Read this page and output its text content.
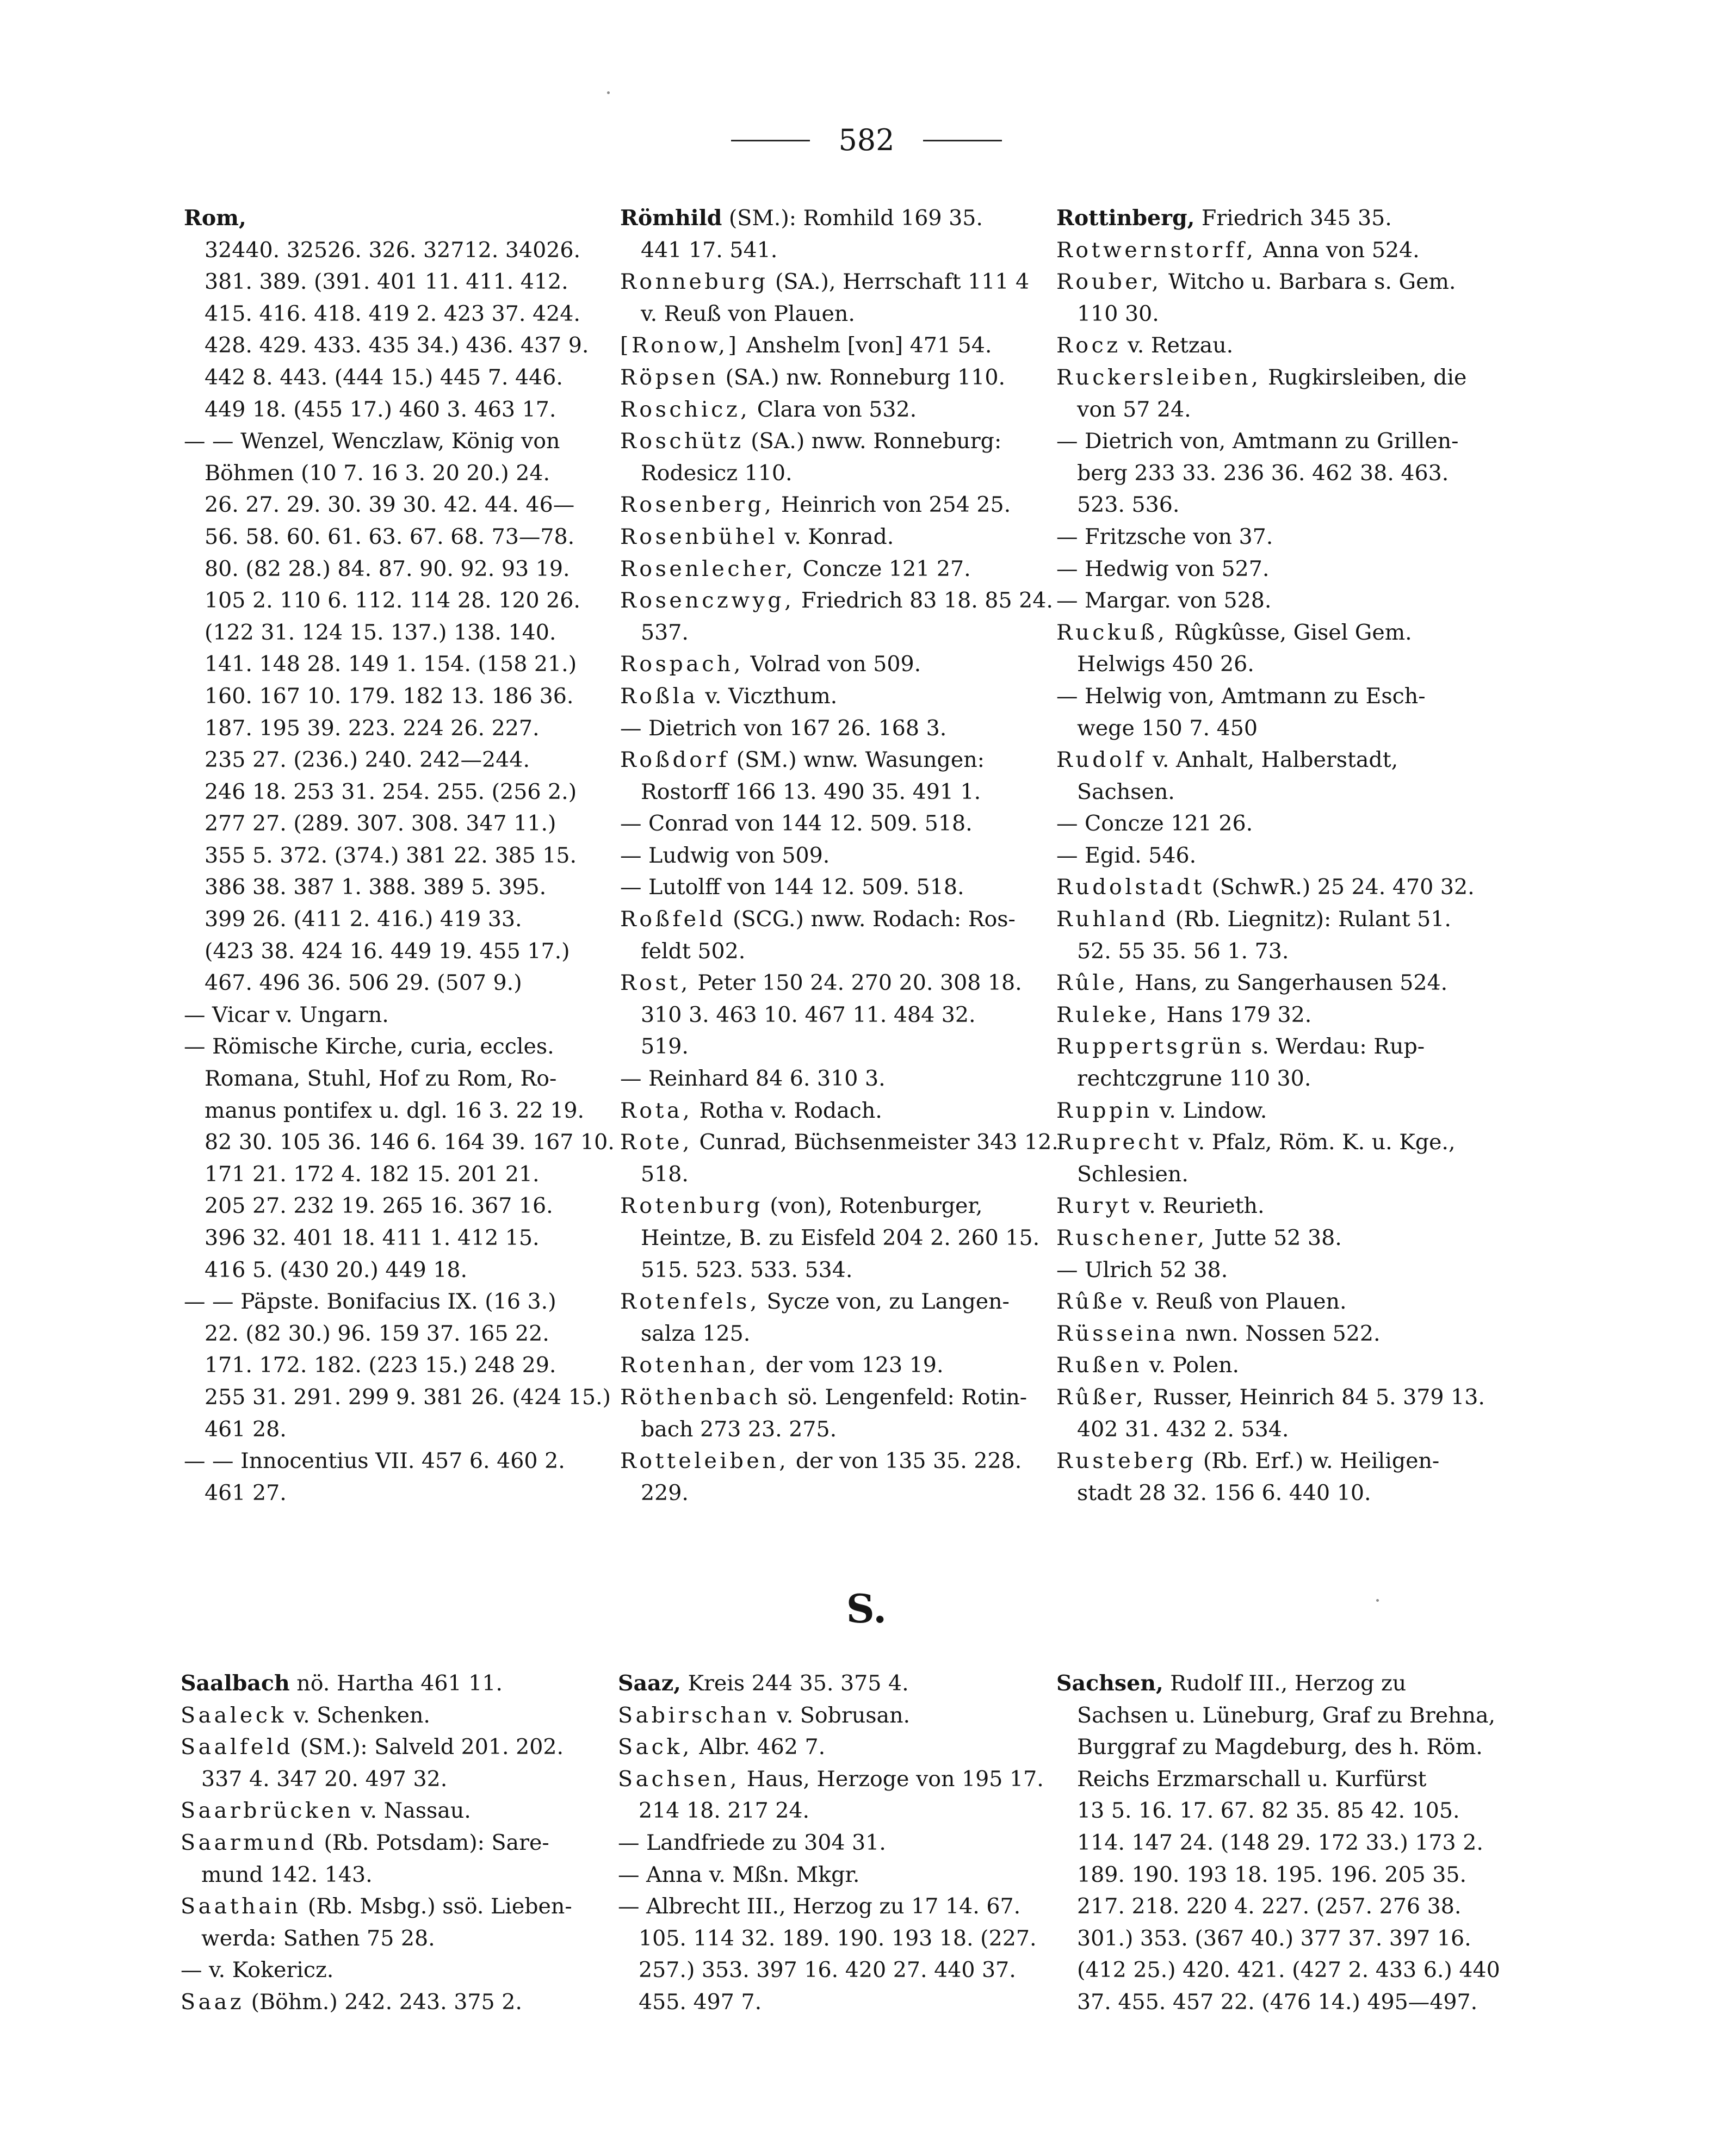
582
Rom,
32440. 32526. 326. 32712. 34026.
381. 389. (391. 401 11. 411. 412.
415. 416. 418. 419 2. 423 37. 424.
428. 429. 433. 435 34.) 436. 437 9.
442 8. 443. (444 15.) 445 7. 446.
449 18. (455 17.) 460 3. 463 17.
— — Wenzel, Wenczlaw, König von
Böhmen (10 7. 16 3. 20 20.) 24.
26. 27. 29. 30. 39 30. 42. 44. 46—
56. 58. 60. 61. 63. 67. 68. 73—78.
80. (82 28.) 84. 87. 90. 92. 93 19.
105 2. 110 6. 112. 114 28. 120 26.
(122 31. 124 15. 137.) 138. 140.
141. 148 28. 149 1. 154. (158 21.)
160. 167 10. 179. 182 13. 186 36.
187. 195 39. 223. 224 26. 227.
235 27. (236.) 240. 242—244.
246 18. 253 31. 254. 255. (256 2.)
277 27. (289. 307. 308. 347 11.)
355 5. 372. (374.) 381 22. 385 15.
386 38. 387 1. 388. 389 5. 395.
399 26. (411 2. 416.) 419 33.
(423 38. 424 16. 449 19. 455 17.)
467. 496 36. 506 29. (507 9.)
— Vicar v. Ungarn.
— Römische Kirche, curia, eccles.
Romana, Stuhl, Hof zu Rom, Ro-
manus pontifex u. dgl. 16 3. 22 19.
82 30. 105 36. 146 6. 164 39. 167 10.
171 21. 172 4. 182 15. 201 21.
205 27. 232 19. 265 16. 367 16.
396 32. 401 18. 411 1. 412 15.
416 5. (430 20.) 449 18.
— — Päpste. Bonifacius IX. (16 3.)
22. (82 30.) 96. 159 37. 165 22.
171. 172. 182. (223 15.) 248 29.
255 31. 291. 299 9. 381 26. (424 15.)
461 28.
— — Innocentius VII. 457 6. 460 2.
461 27.
Römhild (SM.): Romhild 169 35.
441 17. 541.
Ronneburg (SA.), Herrschaft 111 4
v. Reuß von Plauen.
[Ronow,] Anshelm [von] 471 54.
Röpsen (SA.) nw. Ronneburg 110.
Roschicz, Clara von 532.
Roschütz (SA.) nww. Ronneburg:
Rodesicz 110.
Rosenberg, Heinrich von 254 25.
Rosenbühel v. Konrad.
Rosenlecher, Concze 121 27.
Rosenczwyg, Friedrich 83 18. 85 24.
537.
Rospach, Volrad von 509.
Roßla v. Viczthum.
— Dietrich von 167 26. 168 3.
Roßdorf (SM.) wnw. Wasungen:
Rostorff 166 13. 490 35. 491 1.
— Conrad von 144 12. 509. 518.
— Ludwig von 509.
— Lutolff von 144 12. 509. 518.
Roßfeld (SCG.) nww. Rodach: Ros-
feldt 502.
Rost, Peter 150 24. 270 20. 308 18.
310 3. 463 10. 467 11. 484 32.
519.
— Reinhard 84 6. 310 3.
Rota, Rotha v. Rodach.
Rote, Cunrad, Büchsenmeister 343 12.
518.
Rotenburg (von), Rotenburger,
Heintze, B. zu Eisfeld 204 2. 260 15.
515. 523. 533. 534.
Rotenfels, Sycze von, zu Langen-
salza 125.
Rotenhan, der vom 123 19.
Röthenbach sö. Lengenfeld: Rotin-
bach 273 23. 275.
Rotteleiben, der von 135 35. 228.
229.
Rottinberg, Friedrich 345 35.
Rotwernstorff, Anna von 524.
Rouber, Witcho u. Barbara s. Gem.
110 30.
Rocz v. Retzau.
Ruckersleiben, Rugkirsleiben, die
von 57 24.
— Dietrich von, Amtmann zu Grillen-
berg 233 33. 236 36. 462 38. 463.
523. 536.
— Fritzsche von 37.
— Hedwig von 527.
— Margar. von 528.
Ruckuß, Rûgkûsse, Gisel Gem.
Helwigs 450 26.
— Helwig von, Amtmann zu Esch-
wege 150 7. 450
Rudolf v. Anhalt, Halberstadt,
Sachsen.
— Concze 121 26.
— Egid. 546.
Rudolstadt (SchwR.) 25 24. 470 32.
Ruhland (Rb. Liegnitz): Rulant 51.
52. 55 35. 56 1. 73.
Rûle, Hans, zu Sangerhausen 524.
Ruleke, Hans 179 32.
Ruppertsgrün s. Werdau: Rup-
rechtczgrune 110 30.
Ruppin v. Lindow.
Ruprecht v. Pfalz, Röm. K. u. Kge.,
Schlesien.
Ruryt v. Reurieth.
Ruschener, Jutte 52 38.
— Ulrich 52 38.
Rûße v. Reuß von Plauen.
Rüsseina nwn. Nossen 522.
Rußen v. Polen.
Rûßer, Russer, Heinrich 84 5. 379 13.
402 31. 432 2. 534.
Rusteberg (Rb. Erf.) w. Heiligen-
stadt 28 32. 156 6. 440 10.
S.
Saalbach nö. Hartha 461 11.
Saaleck v. Schenken.
Saalfeld (SM.): Salveld 201. 202.
337 4. 347 20. 497 32.
Saarbrücken v. Nassau.
Saarmund (Rb. Potsdam): Sare-
mund 142. 143.
Saathain (Rb. Msbg.) ssö. Lieben-
werda: Sathen 75 28.
— v. Kokericz.
Saaz (Böhm.) 242. 243. 375 2.
Saaz, Kreis 244 35. 375 4.
Sabirschan v. Sobrusan.
Sack, Albr. 462 7.
Sachsen, Haus, Herzoge von 195 17.
214 18. 217 24.
— Landfriede zu 304 31.
— Anna v. Mßn. Mkgr.
— Albrecht III., Herzog zu 17 14. 67.
105. 114 32. 189. 190. 193 18. (227.
257.) 353. 397 16. 420 27. 440 37.
455. 497 7.
Sachsen, Rudolf III., Herzog zu
Sachsen u. Lüneburg, Graf zu Brehna,
Burggraf zu Magdeburg, des h. Röm.
Reichs Erzmarschall u. Kurfürst
13 5. 16. 17. 67. 82 35. 85 42. 105.
114. 147 24. (148 29. 172 33.) 173 2.
189. 190. 193 18. 195. 196. 205 35.
217. 218. 220 4. 227. (257. 276 38.
301.) 353. (367 40.) 377 37. 397 16.
(412 25.) 420. 421. (427 2. 433 6.) 440
37. 455. 457 22. (476 14.) 495—497.
